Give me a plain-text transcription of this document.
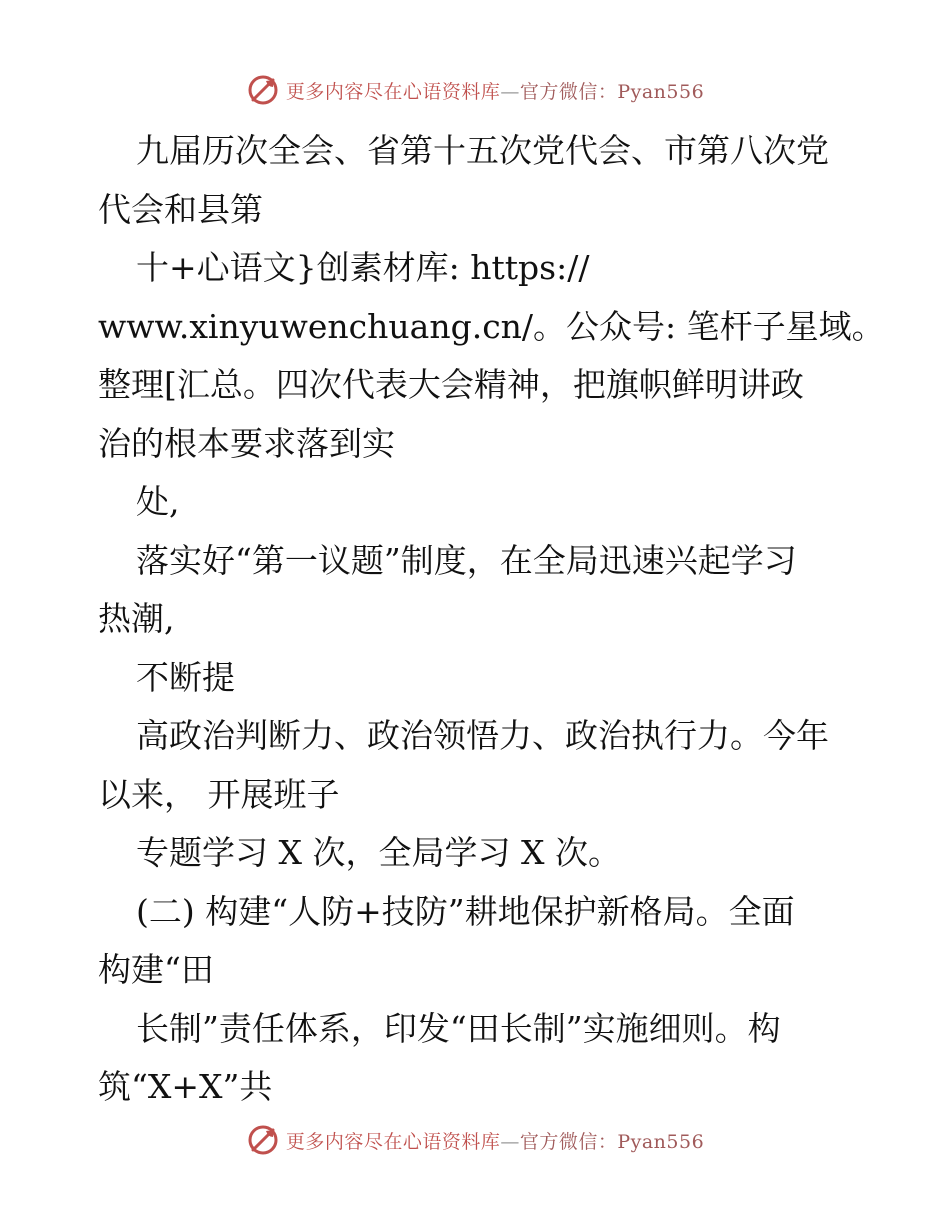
更多内容尽在心语资料库—官方微信：Pyan556
九届历次全会、省第十五次党代会、市第八次党
代会和县第
十+心语文}创素材库: https://
www.xinyuwenchuang.cn/。公众号: 笔杆子星域。
整理[汇总。四次代表大会精神，把旗帜鲜明讲政
治的根本要求落到实
处,
落实好“第一议题”制度，在全局迅速兴起学习
热潮,
不断提
高政治判断力、政治领悟力、政治执行力。今年
以来， 开展班子
专题学习 X 次，全局学习 X 次。
(二) 构建“人防+技防”耕地保护新格局。全面
构建“田
长制”责任体系，印发“田长制”实施细则。构
筑“X+X”共
更多内容尽在心语资料库—官方微信：Pyan556
